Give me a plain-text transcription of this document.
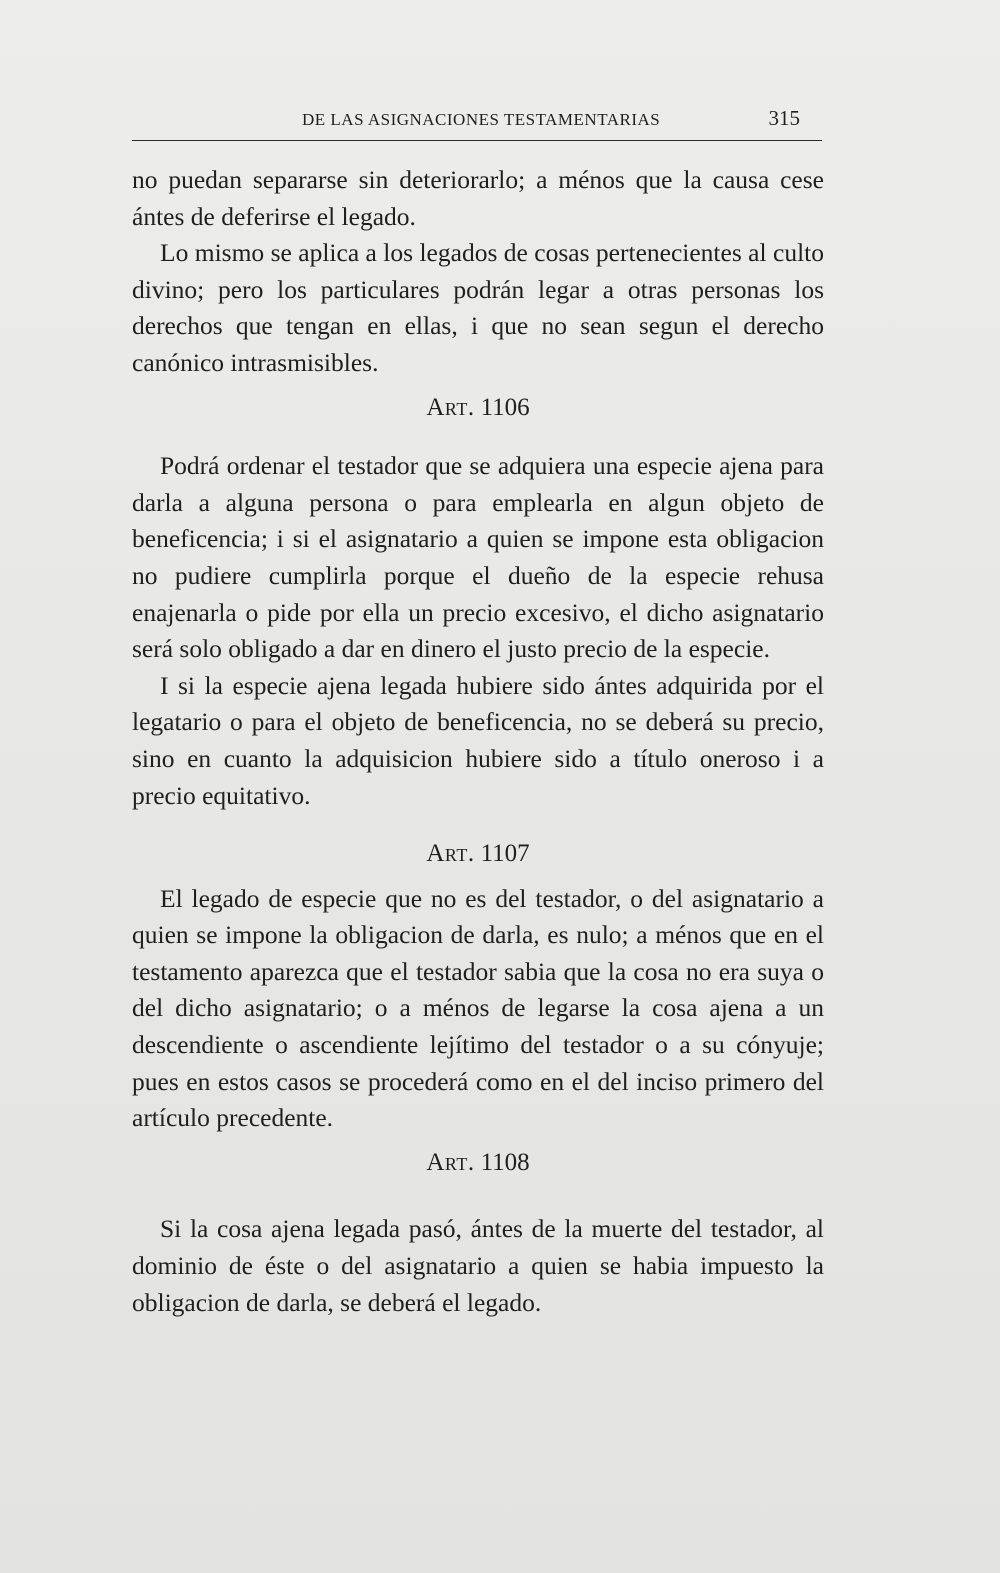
DE LAS ASIGNACIONES TESTAMENTARIAS	315

no puedan separarse sin deteriorarlo; a ménos que la causa cese ántes de deferirse el legado.

Lo mismo se aplica a los legados de cosas pertenecientes al culto divino; pero los particulares podrán legar a otras personas los derechos que tengan en ellas, i que no sean segun el derecho canónico intrasmisibles.

Art. 1106

Podrá ordenar el testador que se adquiera una especie ajena para darla a alguna persona o para emplearla en algun objeto de beneficencia; i si el asignatario a quien se impone esta obligacion no pudiere cumplirla porque el dueño de la especie rehusa enajenarla o pide por ella un precio excesivo, el dicho asignatario será solo obligado a dar en dinero el justo precio de la especie.

I si la especie ajena legada hubiere sido ántes adquirida por el legatario o para el objeto de beneficencia, no se deberá su precio, sino en cuanto la adquisicion hubiere sido a título oneroso i a precio equitativo.

Art. 1107

El legado de especie que no es del testador, o del asignatario a quien se impone la obligacion de darla, es nulo; a ménos que en el testamento aparezca que el testador sabia que la cosa no era suya o del dicho asignatario; o a ménos de legarse la cosa ajena a un descendiente o ascendiente lejítimo del testador o a su cónyuje; pues en estos casos se procederá como en el del inciso primero del artículo precedente.

Art. 1108

Si la cosa ajena legada pasó, ántes de la muerte del testador, al dominio de éste o del asignatario a quien se habia impuesto la obligacion de darla, se deberá el legado.
